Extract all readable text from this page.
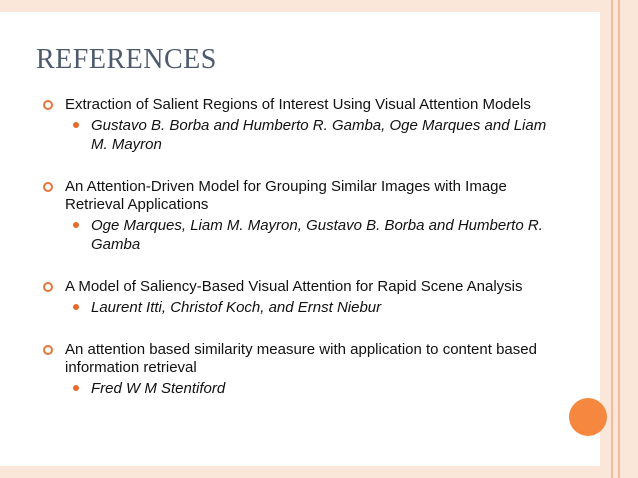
REFERENCES
Extraction of Salient Regions of Interest Using Visual Attention Models
Gustavo B. Borba and Humberto R. Gamba, Oge Marques and Liam M. Mayron
An Attention-Driven Model for Grouping Similar Images with Image Retrieval Applications
Oge Marques, Liam M. Mayron, Gustavo B. Borba and Humberto R. Gamba
A Model of Saliency-Based Visual Attention for Rapid Scene Analysis
Laurent Itti, Christof Koch, and Ernst Niebur
An attention based similarity measure with application to content based information retrieval
Fred W M Stentiford
